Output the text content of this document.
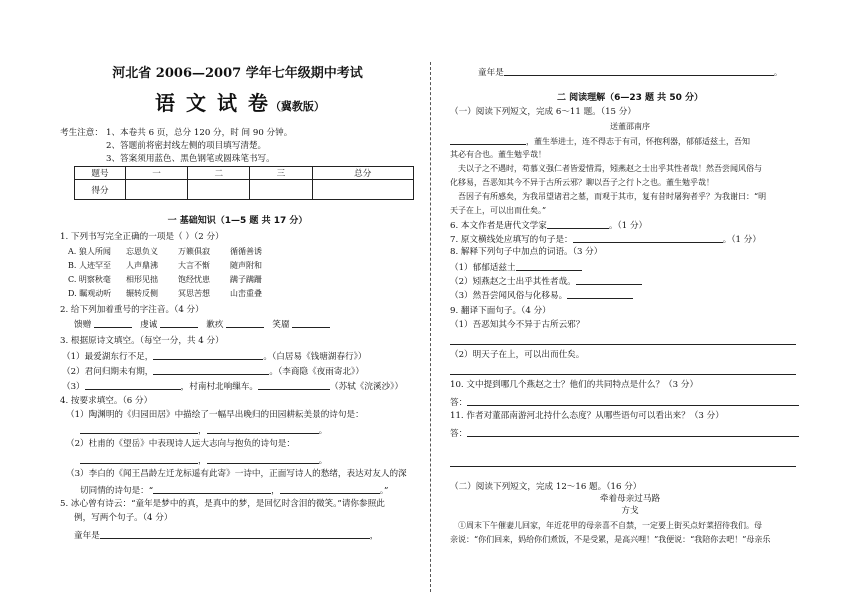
河北省 2006—2007 学年七年级期中考试
语 文 试 卷（冀教版）
考生注意： 1、本卷共 6 页，总分 120 分，时 间 90 分钟。
2、答题前将密封线左侧的项目填写清楚。
3、答案须用蓝色、黑色钢笔或圆珠笔书写。
题号	一	二	三	总分
得分				
一 基础知识（1—5 题 共 17 分）
1. 下列书写完全正确的一项是（ ）（2 分）
A. 狼人所闻 忘恩负义	万籁俱寂	循循善诱
B. 人迹罕至 人声鼎沸	大言不惭	随声附和
C. 明察秋毫 相形见拙	饱经忧患	蹒子蹒跚
D. 瞩观动听 辗转反侧	冥思苦想	山峦重叠
2. 给下列加着重号的字注音。（4 分）
馈赠	虔诚	歉疚	笑靥
3. 根据原诗文填空。（每空一分，共 4 分）
（1）最爱湖东行不足，	。（白居易《钱塘湖春行》）
（2）君问归期未有期，	。（李商隐《夜雨寄北》）
（3）	，村南村北响缫车。	（苏轼《浣溪沙》）
4. 按要求填空。（6 分）
（1）陶渊明的《归园田居》中描绘了一幅早出晚归的田园耕耘美景的诗句是：
，	。
（2）杜甫的《望岳》中表现诗人远大志向与抱负的诗句是：
，	。
（3）李白的《闻王昌龄左迁龙标遥有此寄》一诗中，正面写诗人的愁绪，表达对友人的深
切同情的诗句是：“	，	。”
5. 冰心曾有诗云：“童年是梦中的真，是真中的梦，是回忆时含泪的微笑。”请你参照此
例，写两个句子。（4 分）
童年是	，
童年是	。
二 阅读理解（6—23 题 共 50 分）
（一）阅读下列短文，完成 6～11 题。（15 分）
送董邵南序
，董生举进士，连不得志于有司，怀抱利器，郁郁适兹土，吾知
其必有合也。董生勉乎哉！
夫以子之不遇时，苟慕义强仁者皆爱惜焉，矧燕赵之士出乎其性者哉！然吾尝闻风俗与
化移易，吾恶知其今不异于古所云邪？聊以吾子之行卜之也。董生勉乎哉！
吾因子有所感矣，为我吊望诸君之墓，而观于其市，复有昔时屠狗者乎？为我谢曰：“明
天子在上，可以出而仕矣。”
6. 本文作者是唐代文学家	。（1 分）
7. 原文横线处应填写的句子是：	。（1 分）
8. 解释下列句子中加点的词语。（3 分）
（1）郁郁适兹土
（2）矧燕赵之士出乎其性者哉。
（3）然吾尝闻风俗与化移易。
9. 翻译下面句子。（4 分）
（1）吾恶知其今不异于古所云邪？
（2）明天子在上，可以出而仕矣。
10. 文中提到哪几个燕赵之士？他们的共同特点是什么？（3 分）
答：
11. 作者对董邵南游河北持什么态度？从哪些语句可以看出来？（3 分）
答：
（二）阅读下列短文，完成 12～16 题。（16 分）
牵着母亲过马路
方戈
①周末下午催妻儿回家，年近花甲的母亲喜不自禁，一定要上街买点好菜招待我们。母
亲说：“你们回来，妈给你们煮饭，不是受累，是高兴哩！”我便说：“我陪你去吧！”母亲乐
